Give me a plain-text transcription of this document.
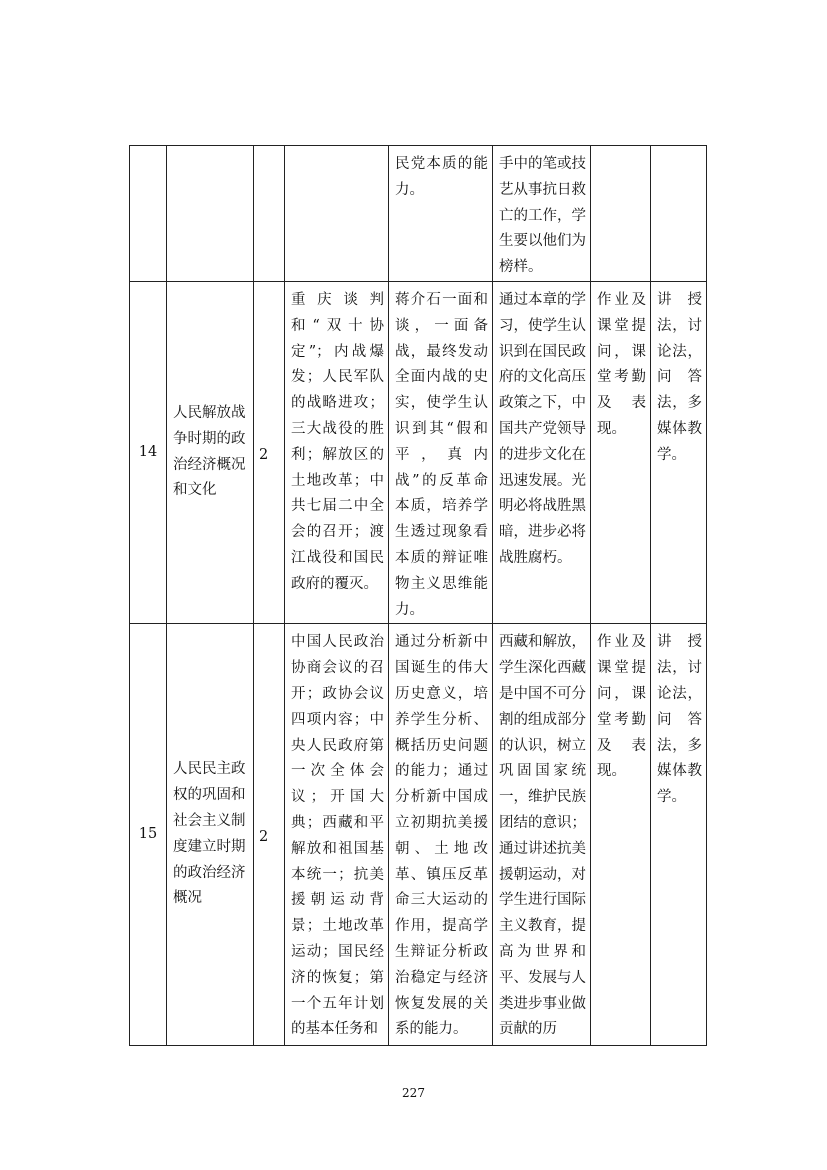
				民党本质的能力。	手中的笔或技艺从事抗日救亡的工作，学生要以他们为榜样。		
14	人民解放战争时期的政治经济概况和文化	2	重庆谈判和“双十协定”；内战爆发；人民军队的战略进攻；三大战役的胜利；解放区的土地改革；中共七届二中全会的召开；渡江战役和国民政府的覆灭。	蒋介石一面和谈，一面备战，最终发动全面内战的史实，使学生认识到其“假和平，真内战”的反革命本质，培养学生透过现象看本质的辩证唯物主义思维能力。	通过本章的学习，使学生认识到在国民政府的文化高压政策之下，中国共产党领导的进步文化在迅速发展。光明必将战胜黑暗，进步必将战胜腐朽。	作业及课堂提问，课堂考勤及表现。	讲授法，讨论法，问答法，多媒体教学。
15	人民民主政权的巩固和社会主义制度建立时期的政治经济概况	2	中国人民政治协商会议的召开；政协会议四项内容；中央人民政府第一次全体会议；开国大典；西藏和平解放和祖国基本统一；抗美援朝运动背景；土地改革运动；国民经济的恢复；第一个五年计划的基本任务和	通过分析新中国诞生的伟大历史意义，培养学生分析、概括历史问题的能力；通过分析新中国成立初期抗美援朝、土地改革、镇压反革命三大运动的作用，提高学生辩证分析政治稳定与经济恢复发展的关系的能力。	西藏和解放，学生深化西藏是中国不可分割的组成部分的认识，树立巩固国家统一，维护民族团结的意识；通过讲述抗美援朝运动，对学生进行国际主义教育，提高为世界和平、发展与人类进步事业做贡献的历	作业及课堂提问，课堂考勤及表现。	讲授法，讨论法，问答法，多媒体教学。
227
